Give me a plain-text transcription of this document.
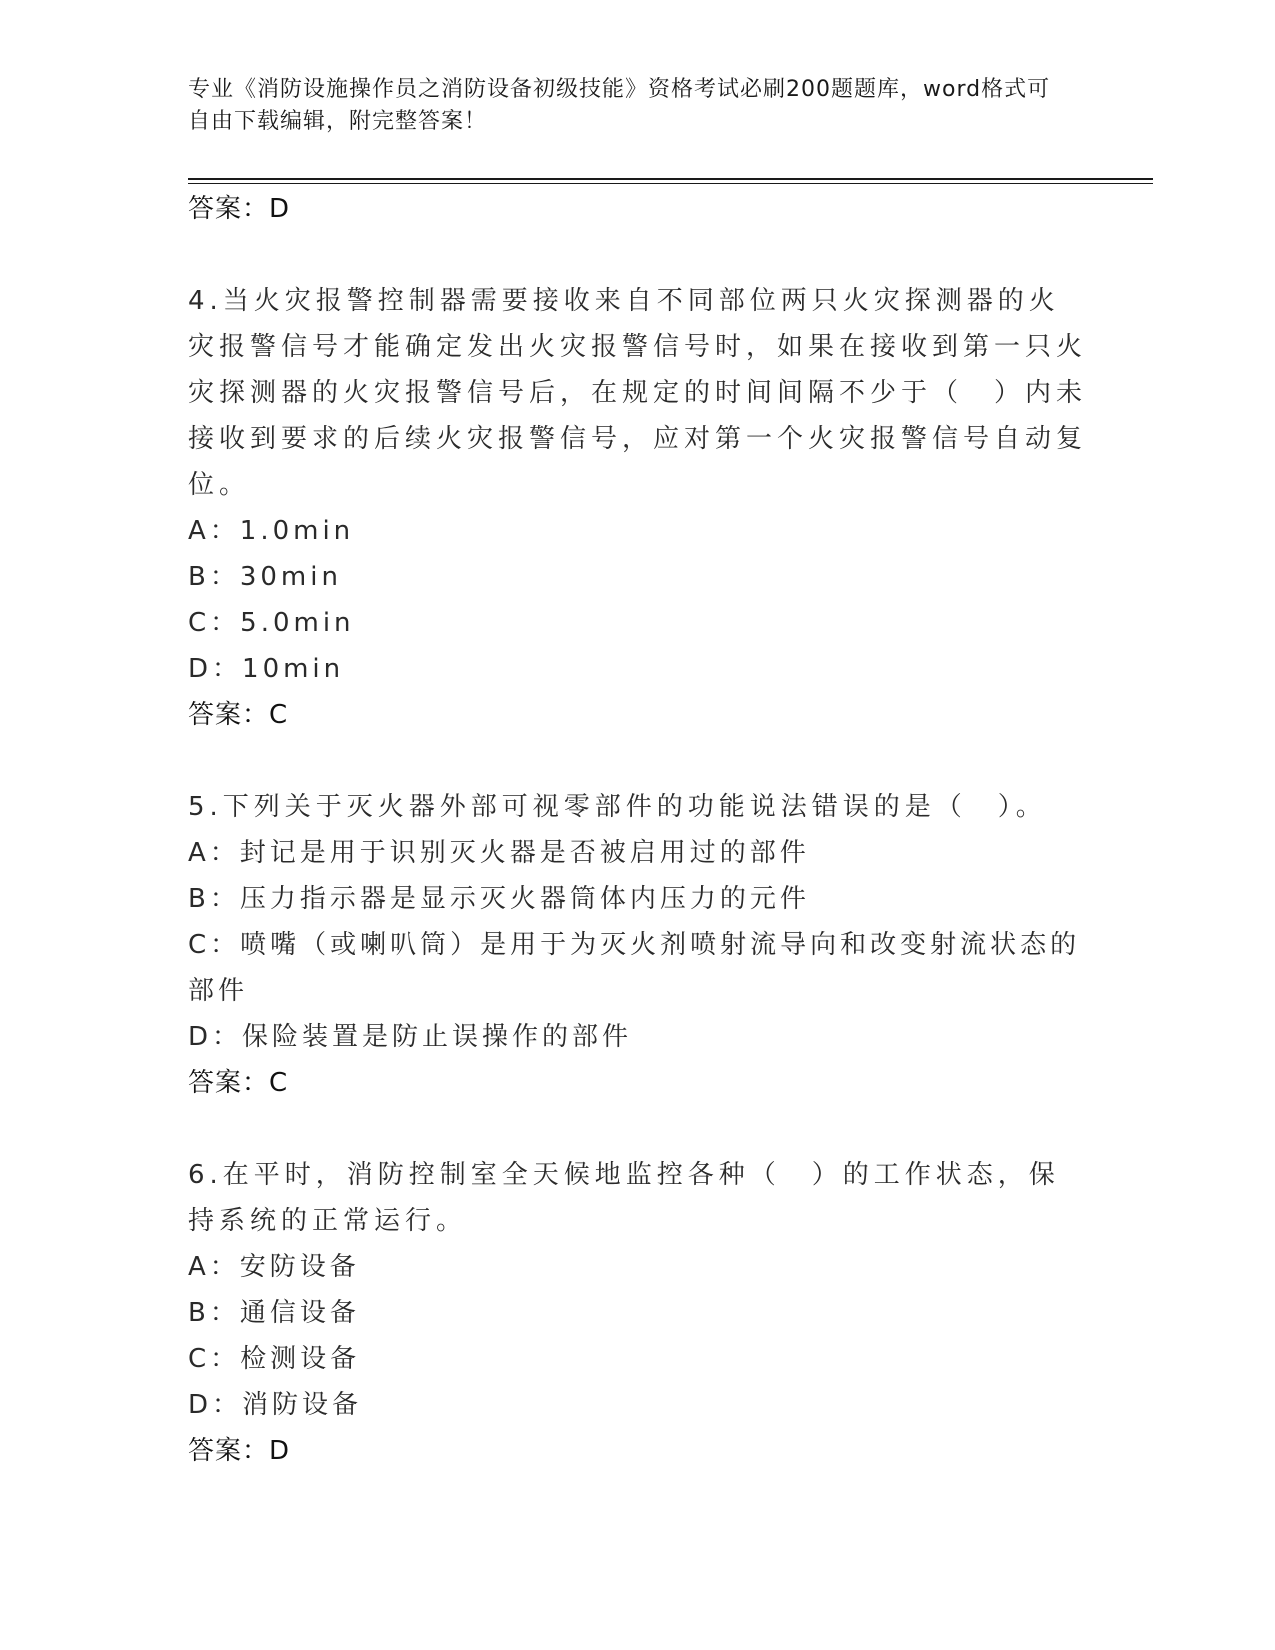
专业《消防设施操作员之消防设备初级技能》资格考试必刷200题题库，word格式可自由下载编辑，附完整答案！
答案：D

4.当火灾报警控制器需要接收来自不同部位两只火灾探测器的火灾报警信号才能确定发出火灾报警信号时，如果在接收到第一只火灾探测器的火灾报警信号后，在规定的时间间隔不少于（　）内未接收到要求的后续火灾报警信号，应对第一个火灾报警信号自动复位。

A：1.0min
B：30min
C：5.0min
D：10min
答案：C

5.下列关于灭火器外部可视零部件的功能说法错误的是（　）。

A：封记是用于识别灭火器是否被启用过的部件
B：压力指示器是显示灭火器筒体内压力的元件
C：喷嘴（或喇叭筒）是用于为灭火剂喷射流导向和改变射流状态的部件
D：保险装置是防止误操作的部件
答案：C

6.在平时，消防控制室全天候地监控各种（　）的工作状态，保持系统的正常运行。

A：安防设备
B：通信设备
C：检测设备
D：消防设备
答案：D
